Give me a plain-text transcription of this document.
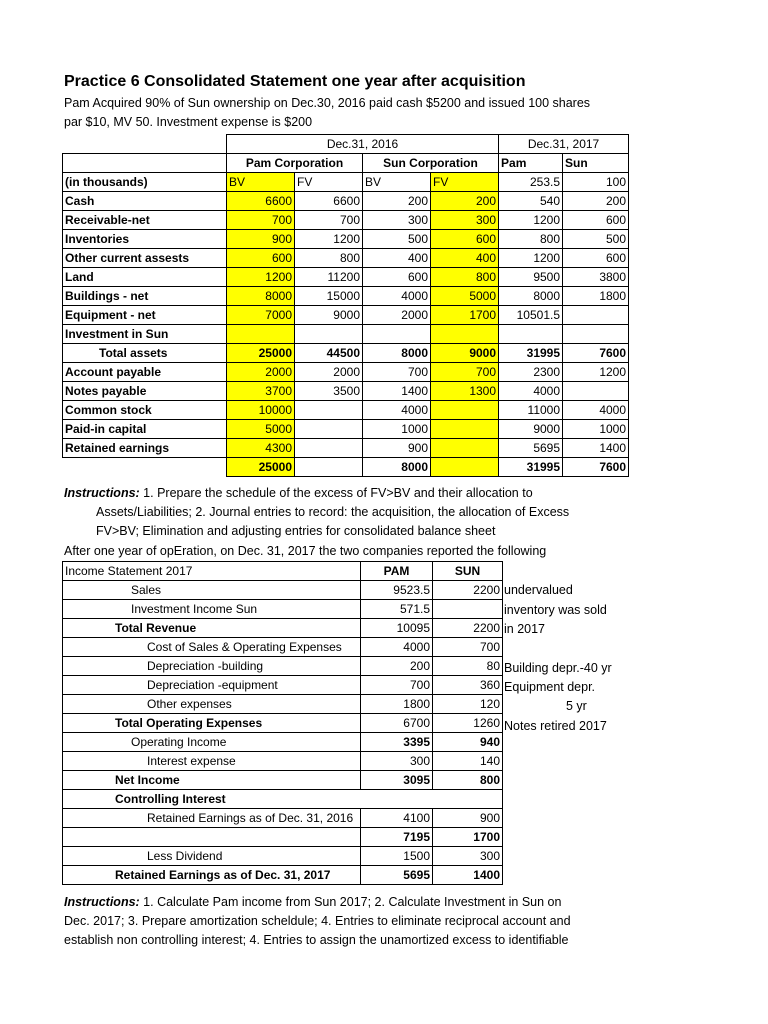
Practice 6 Consolidated Statement one year after acquisition
Pam Acquired 90% of Sun ownership on Dec.30, 2016 paid cash $5200 and issued 100 shares
par $10, MV 50. Investment expense is $200
	Dec.31, 2016				Dec.31, 2017	
	Pam Corporation		Sun Corporation		Pam	Sun
(in thousands)	BV	FV	BV	FV	253.5	100
Cash	6600	6600	200	200	540	200
Receivable-net	700	700	300	300	1200	600
Inventories	900	1200	500	600	800	500
Other current assests	600	800	400	400	1200	600
Land	1200	11200	600	800	9500	3800
Buildings - net	8000	15000	4000	5000	8000	1800
Equipment - net	7000	9000	2000	1700	10501.5	
Investment in Sun						
Total assets	25000	44500	8000	9000	31995	7600
Account payable	2000	2000	700	700	2300	1200
Notes payable	3700	3500	1400	1300	4000	
Common stock	10000		4000		11000	4000
Paid-in capital	5000		1000		9000	1000
Retained earnings	4300		900		5695	1400
	25000		8000		31995	7600
Instructions: 1. Prepare the schedule of the excess of FV>BV and their allocation to
Assets/Liabilities; 2. Journal entries to record: the acquisition, the allocation of Excess
FV>BV; Elimination and adjusting entries for consolidated balance sheet
After one year of opEration, on Dec. 31, 2017 the two companies reported the following
Income Statement 2017	PAM	SUN
Sales	9523.5	2200
Investment Income Sun	571.5	
Total Revenue	10095	2200
Cost of Sales & Operating Expenses	4000	700
Depreciation -building	200	80
Depreciation -equipment	700	360
Other expenses	1800	120
Total Operating Expenses	6700	1260
Operating Income	3395	940
Interest expense	300	140
Net Income	3095	800
Controlling Interest		
Retained Earnings as of Dec. 31, 2016	4100	900
	7195	1700
Less Dividend	1500	300
Retained Earnings as of Dec. 31, 2017	5695	1400
undervalued
inventory was sold
in 2017
Building depr.-40 yr
Equipment depr.
5 yr
Notes retired 2017
Instructions: 1. Calculate Pam income from Sun 2017; 2. Calculate Investment in Sun on
Dec. 2017; 3. Prepare amortization scheldule; 4. Entries to eliminate reciprocal account and
establish non controlling interest; 4. Entries to assign the unamortized excess to identifiable
